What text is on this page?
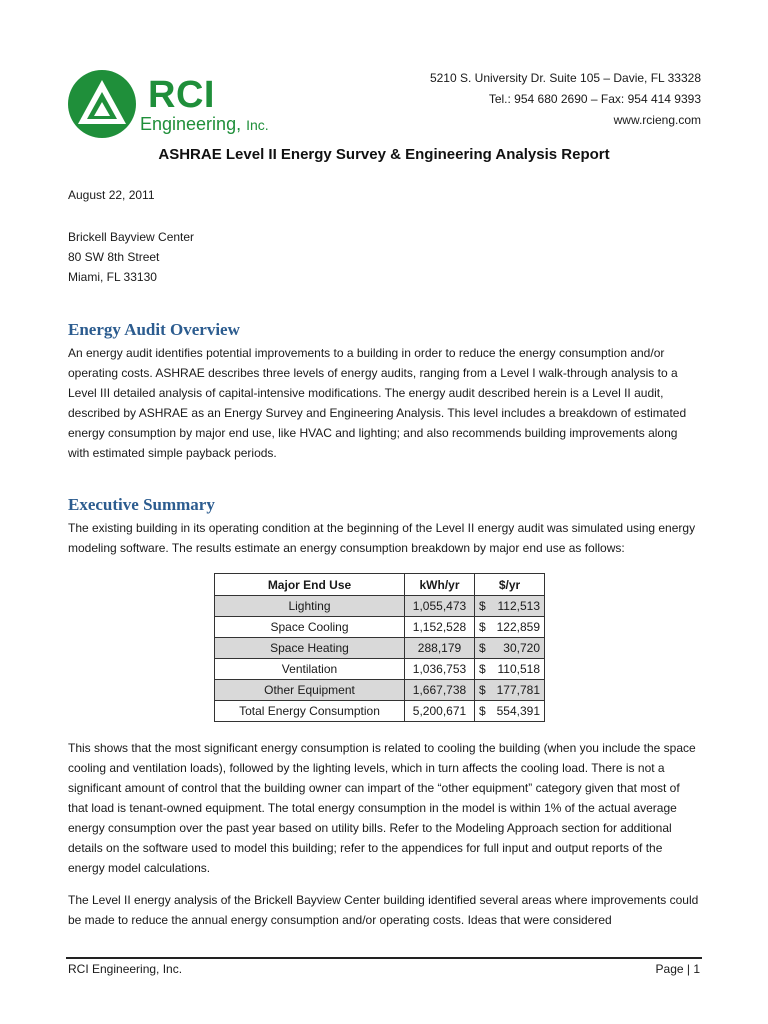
RCI
Engineering, Inc.
5210 S. University Dr. Suite 105 – Davie, FL 33328
Tel.: 954 680 2690 – Fax: 954 414 9393
www.rcieng.com
ASHRAE Level II Energy Survey & Engineering Analysis Report
August 22, 2011
Brickell Bayview Center
80 SW 8th Street
Miami, FL 33130
Energy Audit Overview

An energy audit identifies potential improvements to a building in order to reduce the energy consumption and/or operating costs. ASHRAE describes three levels of energy audits, ranging from a Level I walk-through analysis to a Level III detailed analysis of capital-intensive modifications. The energy audit described herein is a Level II audit, described by ASHRAE as an Energy Survey and Engineering Analysis. This level includes a breakdown of estimated energy consumption by major end use, like HVAC and lighting; and also recommends building improvements along with estimated simple payback periods.

Executive Summary

The existing building in its operating condition at the beginning of the Level II energy audit was simulated using energy modeling software. The results estimate an energy consumption breakdown by major end use as follows:

Major End Use	kWh/yr	$/yr
Lighting	1,055,473	$ 112,513

Space Cooling	1,152,528	$ 122,859

Space Heating	288,179	$ 30,720

Ventilation	1,036,753	$ 110,518

Other Equipment	1,667,738	$ 177,781

Total Energy Consumption	5,200,671	$ 554,391

This shows that the most significant energy consumption is related to cooling the building (when you include the space cooling and ventilation loads), followed by the lighting levels, which in turn affects the cooling load. There is not a significant amount of control that the building owner can impart of the “other equipment” category given that most of that load is tenant-owned equipment. The total energy consumption in the model is within 1% of the actual average energy consumption over the past year based on utility bills. Refer to the Modeling Approach section for additional details on the software used to model this building; refer to the appendices for full input and output reports of the energy model calculations.

The Level II energy analysis of the Brickell Bayview Center building identified several areas where improvements could be made to reduce the annual energy consumption and/or operating costs. Ideas that were considered

RCI Engineering, Inc.	Page | 1
